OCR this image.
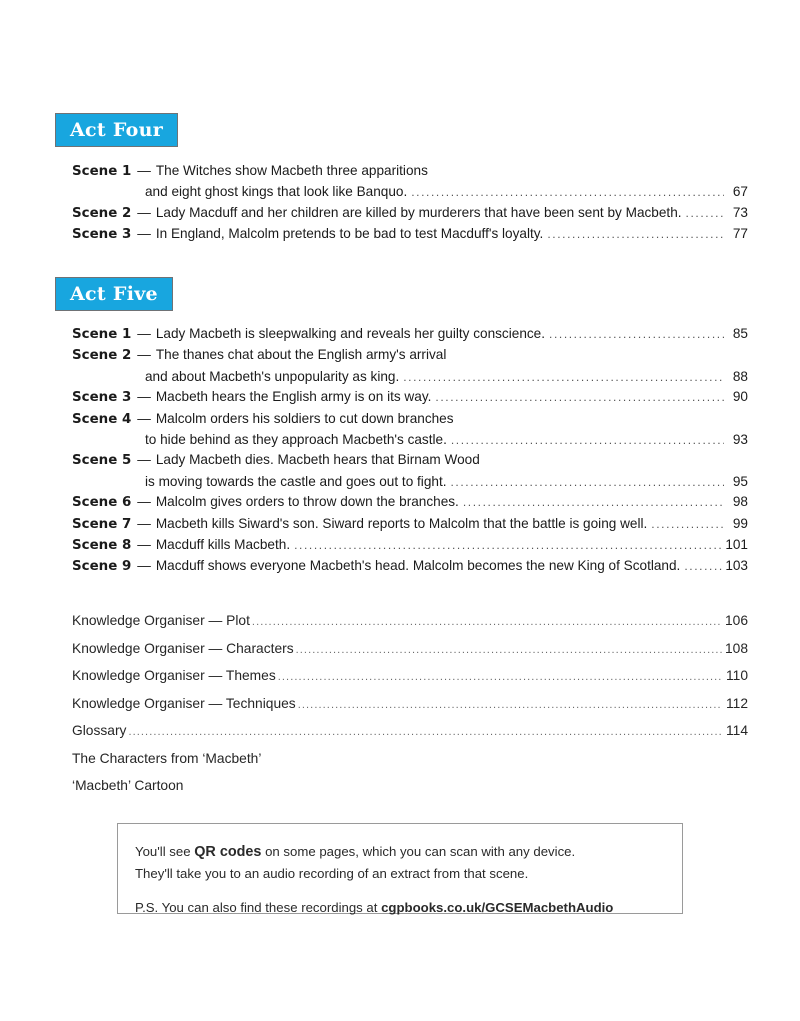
Act Four
Scene 1 — The Witches show Macbeth three apparitions
and eight ghost kings that look like Banquo. .....	67
Scene 2 — Lady Macduff and her children are killed by murderers that have been sent by Macbeth. .....	73
Scene 3 — In England, Malcolm pretends to be bad to test Macduff's loyalty. .....	77
Act Five
Scene 1 — Lady Macbeth is sleepwalking and reveals her guilty conscience. .....	85
Scene 2 — The thanes chat about the English army's arrival
and about Macbeth's unpopularity as king. .....	88
Scene 3 — Macbeth hears the English army is on its way. .....	90
Scene 4 — Malcolm orders his soldiers to cut down branches
to hide behind as they approach Macbeth's castle. .....	93
Scene 5 — Lady Macbeth dies. Macbeth hears that Birnam Wood
is moving towards the castle and goes out to fight. .....	95
Scene 6 — Malcolm gives orders to throw down the branches. .....	98
Scene 7 — Macbeth kills Siward's son. Siward reports to Malcolm that the battle is going well. .....	99
Scene 8 — Macduff kills Macbeth. .....	101
Scene 9 — Macduff shows everyone Macbeth's head. Malcolm becomes the new King of Scotland. .....	103
Knowledge Organiser — Plot .....	106
Knowledge Organiser — Characters .....	108
Knowledge Organiser — Themes .....	110
Knowledge Organiser — Techniques .....	112
Glossary .....	114
The Characters from ‘Macbeth’
‘Macbeth’ Cartoon
You'll see QR codes on some pages, which you can scan with any device.
They'll take you to an audio recording of an extract from that scene.
P.S. You can also find these recordings at cgpbooks.co.uk/GCSEMacbethAudio
